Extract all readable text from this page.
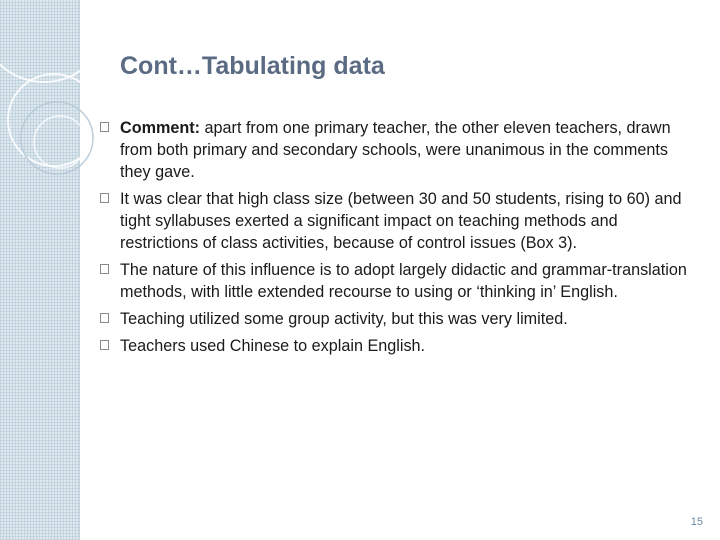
Cont…Tabulating data
Comment: apart from one primary teacher, the other eleven teachers, drawn from both primary and secondary schools, were unanimous in the comments they gave.
It was clear that high class size (between 30 and 50 students, rising to 60) and tight syllabuses exerted a significant impact on teaching methods and restrictions of class activities, because of control issues (Box 3).
The nature of this influence is to adopt largely didactic and grammar-translation methods, with little extended recourse to using or ‘thinking in’ English.
Teaching utilized some group activity, but this was very limited.
Teachers used Chinese to explain English.
15
